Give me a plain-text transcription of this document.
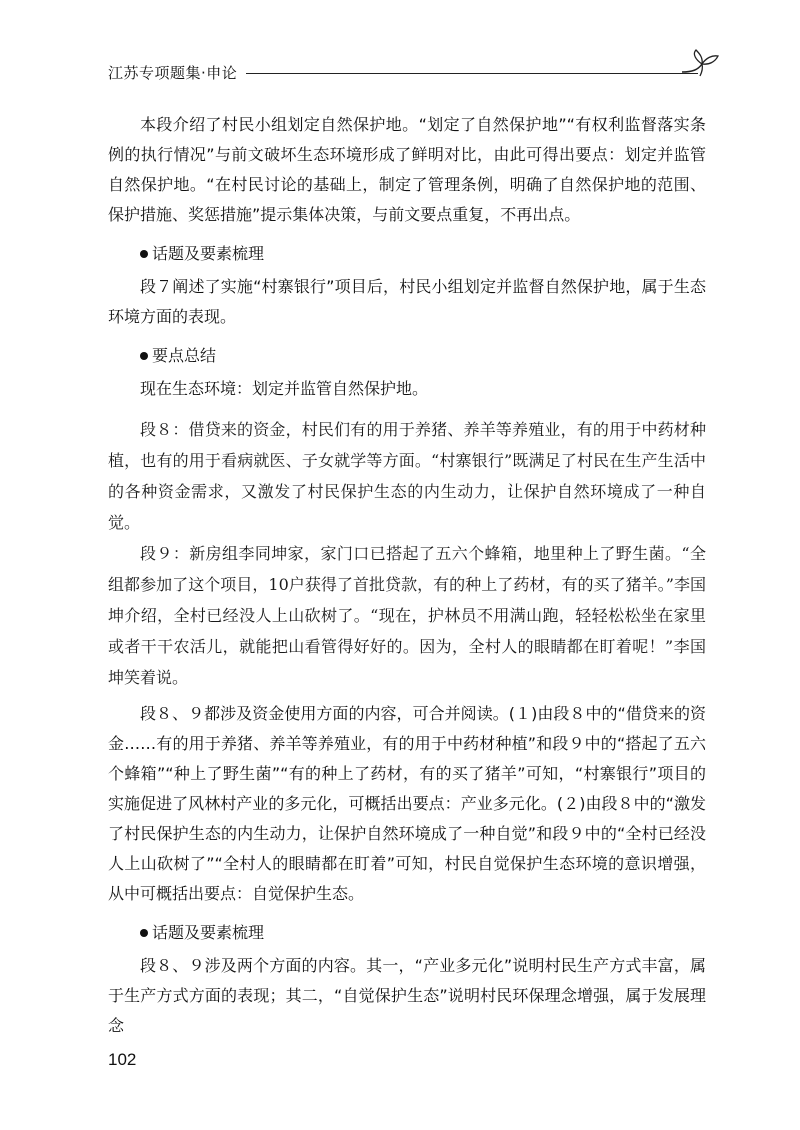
江苏专项题集·申论

本段介绍了村民小组划定自然保护地。“划定了自然保护地”“有权利监督落实条例的执行情况”与前文破坏生态环境形成了鲜明对比，由此可得出要点：划定并监管自然保护地。“在村民讨论的基础上，制定了管理条例，明确了自然保护地的范围、保护措施、奖惩措施”提示集体决策，与前文要点重复，不再出点。

话题及要素梳理

段７阐述了实施“村寨银行”项目后，村民小组划定并监督自然保护地，属于生态环境方面的表现。

要点总结

现在生态环境：划定并监管自然保护地。

段８：借贷来的资金，村民们有的用于养猪、养羊等养殖业，有的用于中药材种植，也有的用于看病就医、子女就学等方面。“村寨银行”既满足了村民在生产生活中的各种资金需求，又激发了村民保护生态的内生动力，让保护自然环境成了一种自觉。

段９：新房组李同坤家，家门口已搭起了五六个蜂箱，地里种上了野生菌。“全组都参加了这个项目，10户获得了首批贷款，有的种上了药材，有的买了猪羊。”李国坤介绍，全村已经没人上山砍树了。“现在，护林员不用满山跑，轻轻松松坐在家里或者干干农活儿，就能把山看管得好好的。因为，全村人的眼睛都在盯着呢！”李国坤笑着说。

段８、９都涉及资金使用方面的内容，可合并阅读。(１)由段８中的“借贷来的资金……有的用于养猪、养羊等养殖业，有的用于中药材种植”和段９中的“搭起了五六个蜂箱”“种上了野生菌”“有的种上了药材，有的买了猪羊”可知，“村寨银行”项目的实施促进了风林村产业的多元化，可概括出要点：产业多元化。(２)由段８中的“激发了村民保护生态的内生动力，让保护自然环境成了一种自觉”和段９中的“全村已经没人上山砍树了”“全村人的眼睛都在盯着”可知，村民自觉保护生态环境的意识增强，从中可概括出要点：自觉保护生态。

话题及要素梳理

段８、９涉及两个方面的内容。其一，“产业多元化”说明村民生产方式丰富，属于生产方式方面的表现；其二，“自觉保护生态”说明村民环保理念增强，属于发展理念

102
